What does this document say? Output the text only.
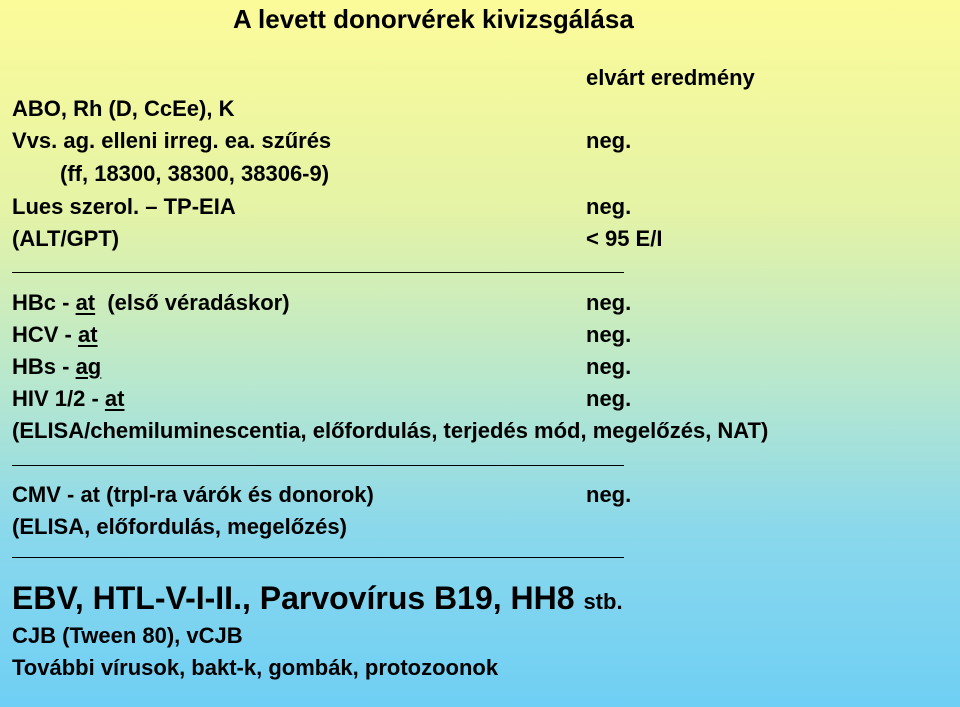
A levett donorvérek kivizsgálása
elvárt eredmény
ABO, Rh (D, CcEe), K
Vvs. ag. elleni irreg. ea. szűrés	neg.
(ff, 18300, 38300, 38306-9)
Lues szerol. – TP-EIA	neg.
(ALT/GPT)	< 95 E/I
HBc - at  (első véradáskor)	neg.
HCV - at	neg.
HBs - ag	neg.
HIV 1/2 - at	neg.
(ELISA/chemiluminescentia, előfordulás, terjedés mód, megelőzés, NAT)
CMV - at (trpl-ra várók és donorok)	neg.
(ELISA, előfordulás, megelőzés)
EBV, HTL-V-I-II., Parvovírus B19, HH8 stb.
CJB (Tween 80), vCJB
További vírusok, bakt-k, gombák, protozoonok
